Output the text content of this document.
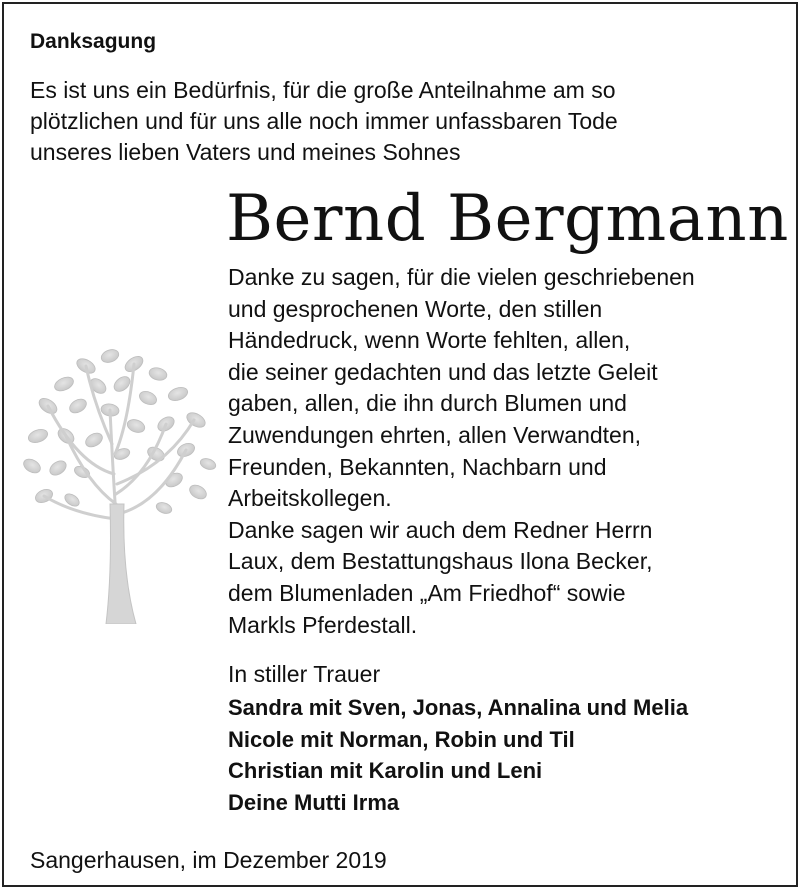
Danksagung
Es ist uns ein Bedürfnis, für die große Anteilnahme am so
plötzlichen und für uns alle noch immer unfassbaren Tode
unseres lieben Vaters und meines Sohnes
Bernd Bergmann
Danke zu sagen, für die vielen geschriebenen
und gesprochenen Worte, den stillen
Händedruck, wenn Worte fehlten, allen,
die seiner gedachten und das letzte Geleit
gaben, allen, die ihn durch Blumen und
Zuwendungen ehrten, allen Verwandten,
Freunden, Bekannten, Nachbarn und
Arbeitskollegen.
Danke sagen wir auch dem Redner Herrn
Laux, dem Bestattungshaus Ilona Becker,
dem Blumenladen „Am Friedhof“ sowie
Markls Pferdestall.
In stiller Trauer
Sandra mit Sven, Jonas, Annalina und Melia
Nicole mit Norman, Robin und Til
Christian mit Karolin und Leni
Deine Mutti Irma
Sangerhausen, im Dezember 2019
